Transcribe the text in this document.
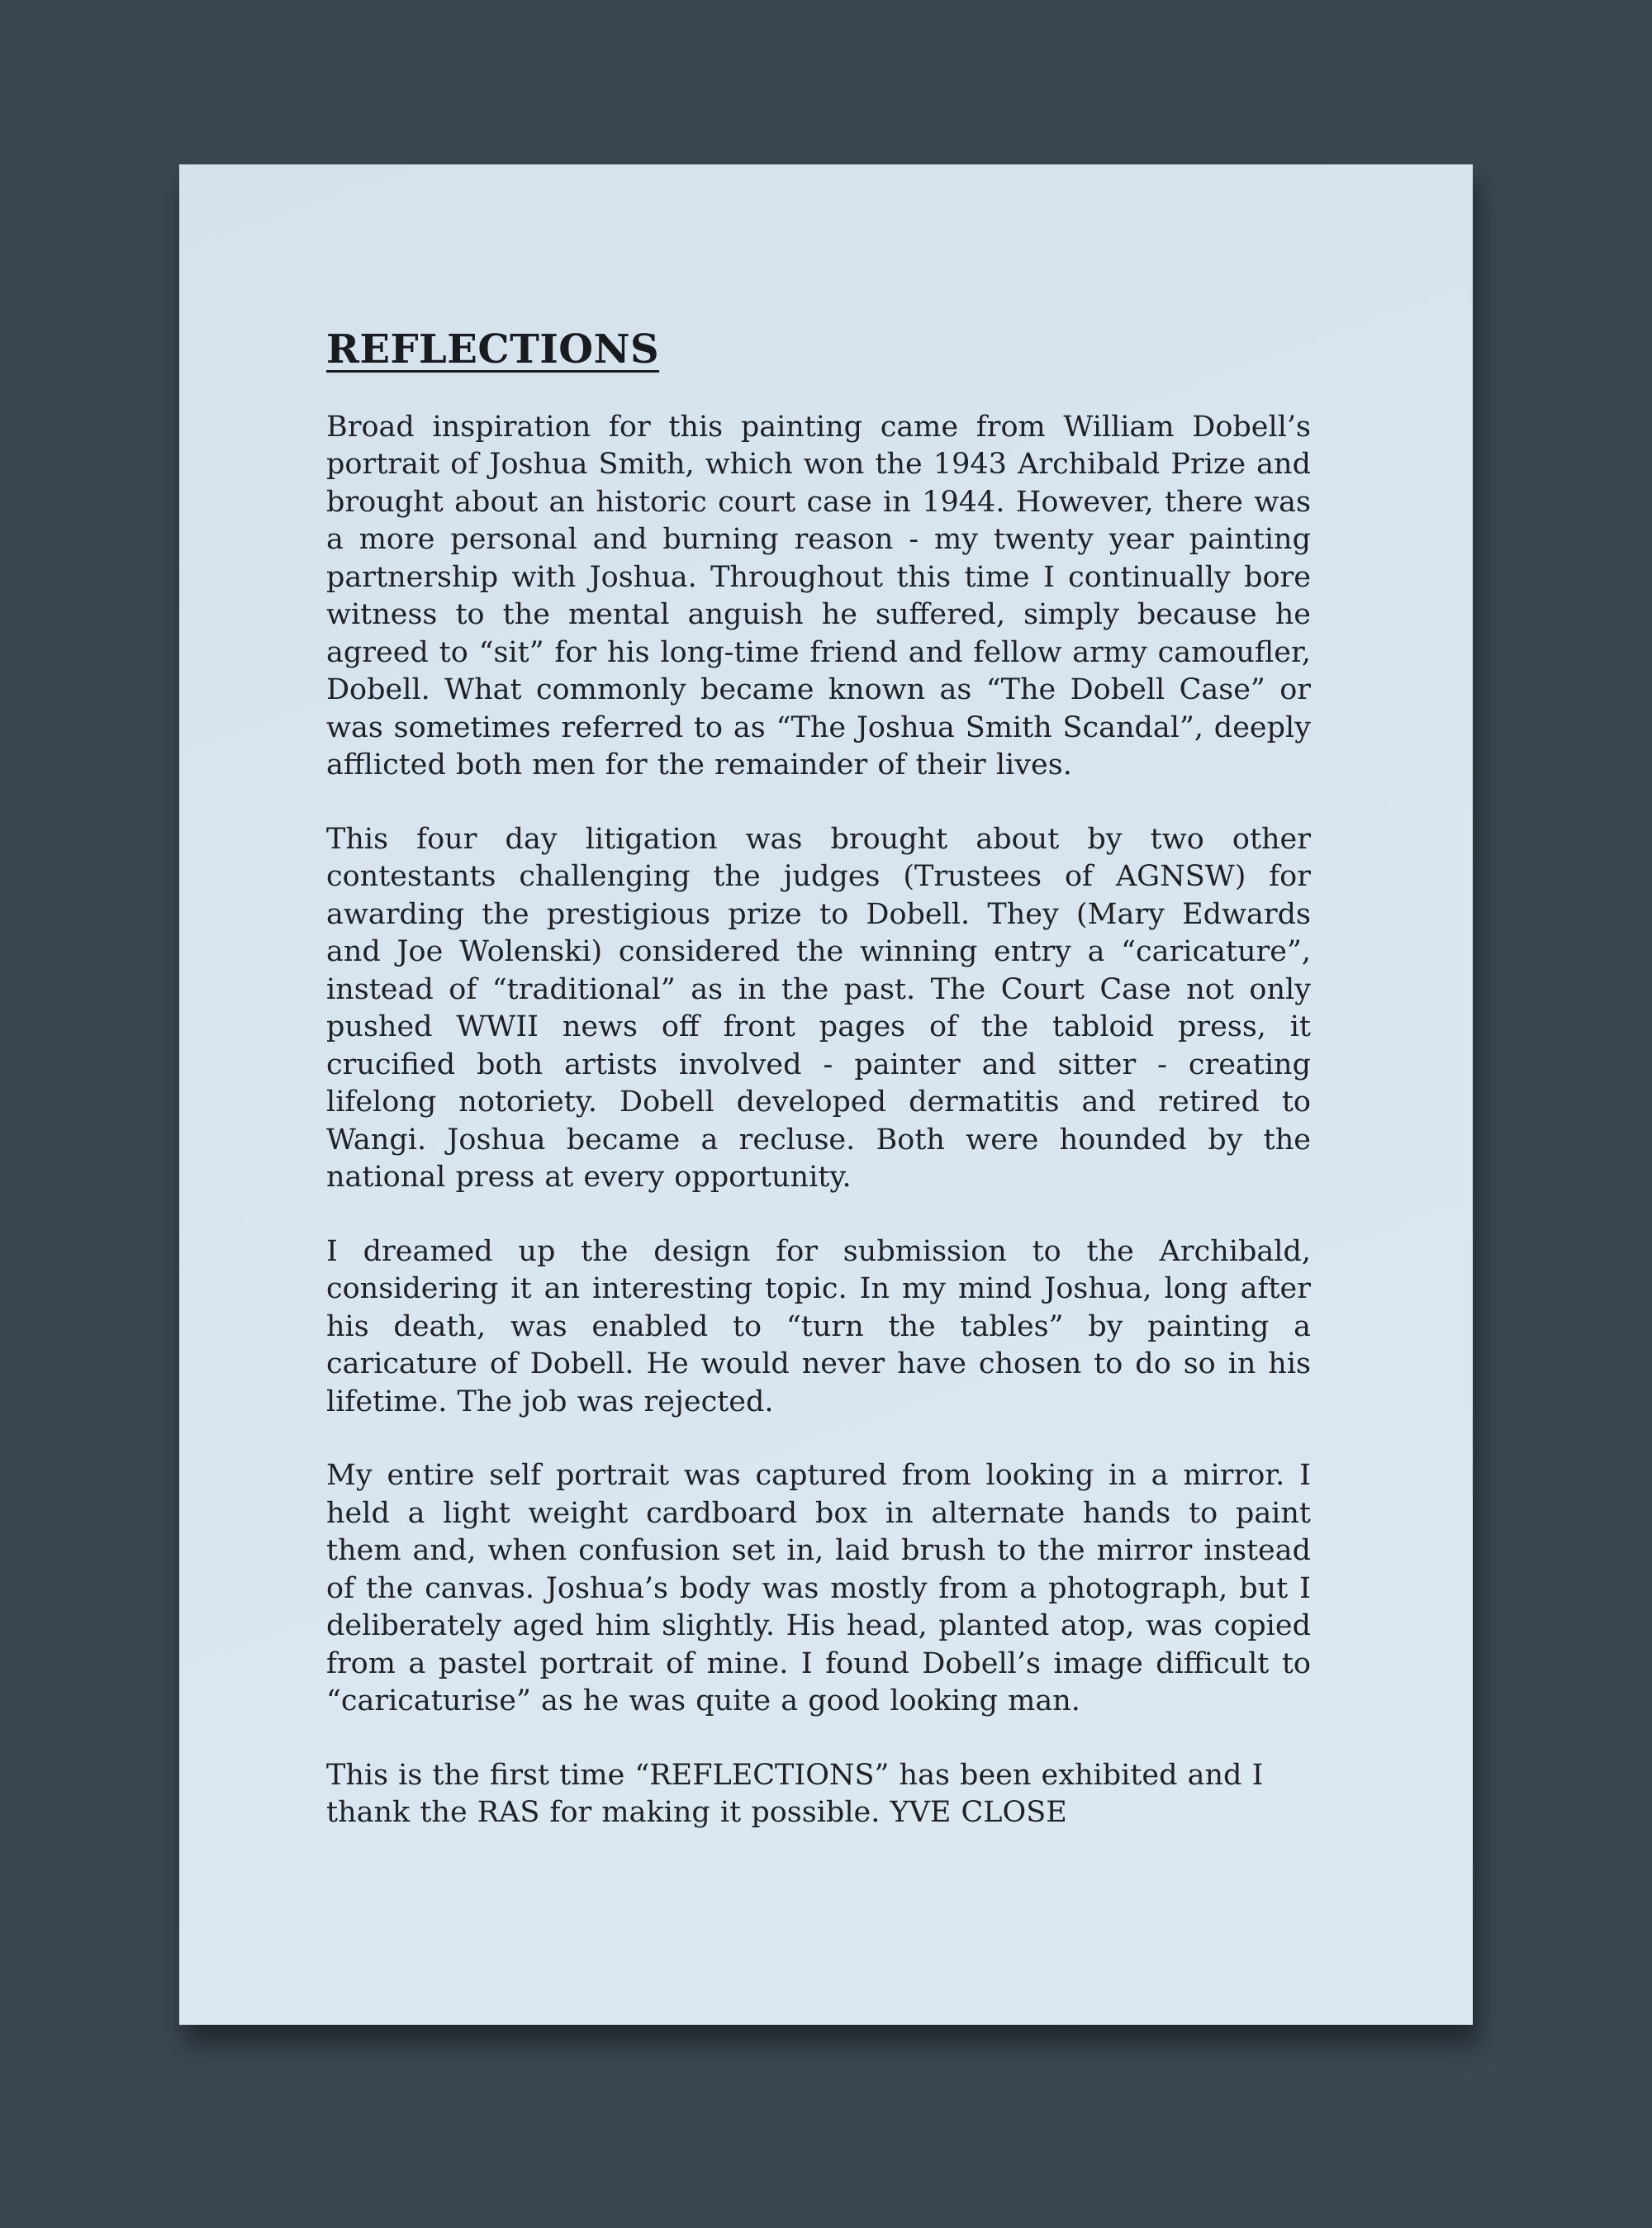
REFLECTIONS

Broad inspiration for this painting came from William Dobell’s portrait of Joshua Smith, which won the 1943 Archibald Prize and brought about an historic court case in 1944. However, there was a more personal and burning reason - my twenty year painting partnership with Joshua. Throughout this time I continually bore witness to the mental anguish he suffered, simply because he agreed to “sit” for his long-time friend and fellow army camoufler, Dobell. What commonly became known as “The Dobell Case” or was sometimes referred to as “The Joshua Smith Scandal”, deeply afflicted both men for the remainder of their lives.

This four day litigation was brought about by two other contestants challenging the judges (Trustees of AGNSW) for awarding the prestigious prize to Dobell. They (Mary Edwards and Joe Wolenski) considered the winning entry a “caricature”, instead of “traditional” as in the past. The Court Case not only pushed WWII news off front pages of the tabloid press, it crucified both artists involved - painter and sitter - creating lifelong notoriety. Dobell developed dermatitis and retired to Wangi. Joshua became a recluse. Both were hounded by the national press at every opportunity.

I dreamed up the design for submission to the Archibald, considering it an interesting topic. In my mind Joshua, long after his death, was enabled to “turn the tables” by painting a caricature of Dobell. He would never have chosen to do so in his lifetime. The job was rejected.

My entire self portrait was captured from looking in a mirror. I held a light weight cardboard box in alternate hands to paint them and, when confusion set in, laid brush to the mirror instead of the canvas. Joshua’s body was mostly from a photograph, but I deliberately aged him slightly. His head, planted atop, was copied from a pastel portrait of mine. I found Dobell’s image difficult to “caricaturise” as he was quite a good looking man.

This is the first time “REFLECTIONS” has been exhibited and I thank the RAS for making it possible. YVE CLOSE
